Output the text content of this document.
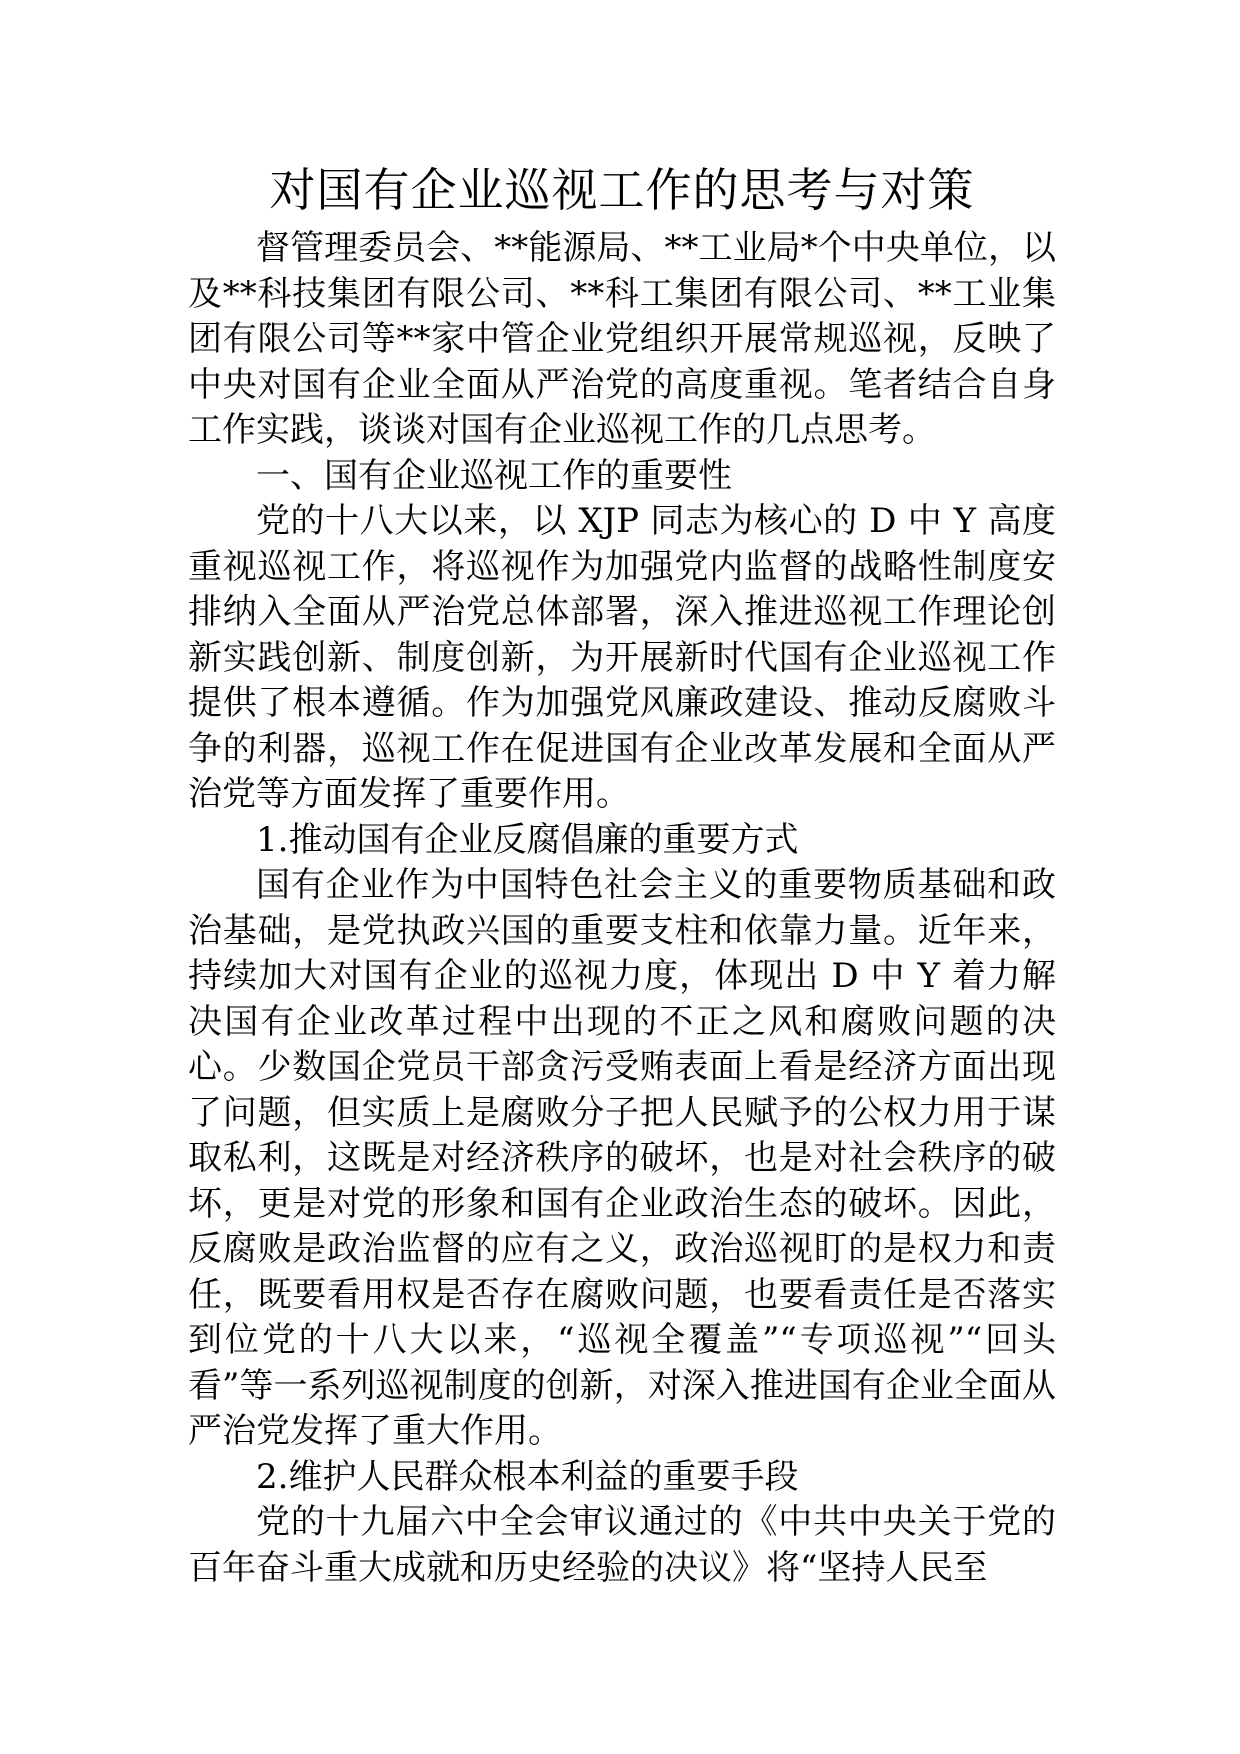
对国有企业巡视工作的思考与对策

督管理委员会、**能源局、**工业局*个中央单位，以及**科技集团有限公司、**科工集团有限公司、**工业集团有限公司等**家中管企业党组织开展常规巡视，反映了中央对国有企业全面从严治党的高度重视。笔者结合自身工作实践，谈谈对国有企业巡视工作的几点思考。

一、国有企业巡视工作的重要性

党的十八大以来，以 XJP 同志为核心的 D 中 Y 高度重视巡视工作，将巡视作为加强党内监督的战略性制度安排纳入全面从严治党总体部署，深入推进巡视工作理论创新实践创新、制度创新，为开展新时代国有企业巡视工作提供了根本遵循。作为加强党风廉政建设、推动反腐败斗争的利器，巡视工作在促进国有企业改革发展和全面从严治党等方面发挥了重要作用。

1.推动国有企业反腐倡廉的重要方式

国有企业作为中国特色社会主义的重要物质基础和政治基础，是党执政兴国的重要支柱和依靠力量。近年来，持续加大对国有企业的巡视力度，体现出 D 中 Y 着力解决国有企业改革过程中出现的不正之风和腐败问题的决心。少数国企党员干部贪污受贿表面上看是经济方面出现了问题，但实质上是腐败分子把人民赋予的公权力用于谋取私利，这既是对经济秩序的破坏，也是对社会秩序的破坏，更是对党的形象和国有企业政治生态的破坏。因此，反腐败是政治监督的应有之义，政治巡视盯的是权力和责任，既要看用权是否存在腐败问题，也要看责任是否落实到位党的十八大以来，“巡视全覆盖”“专项巡视”“回头看”等一系列巡视制度的创新，对深入推进国有企业全面从严治党发挥了重大作用。

2.维护人民群众根本利益的重要手段

党的十九届六中全会审议通过的《中共中央关于党的百年奋斗重大成就和历史经验的决议》将“坚持人民至
